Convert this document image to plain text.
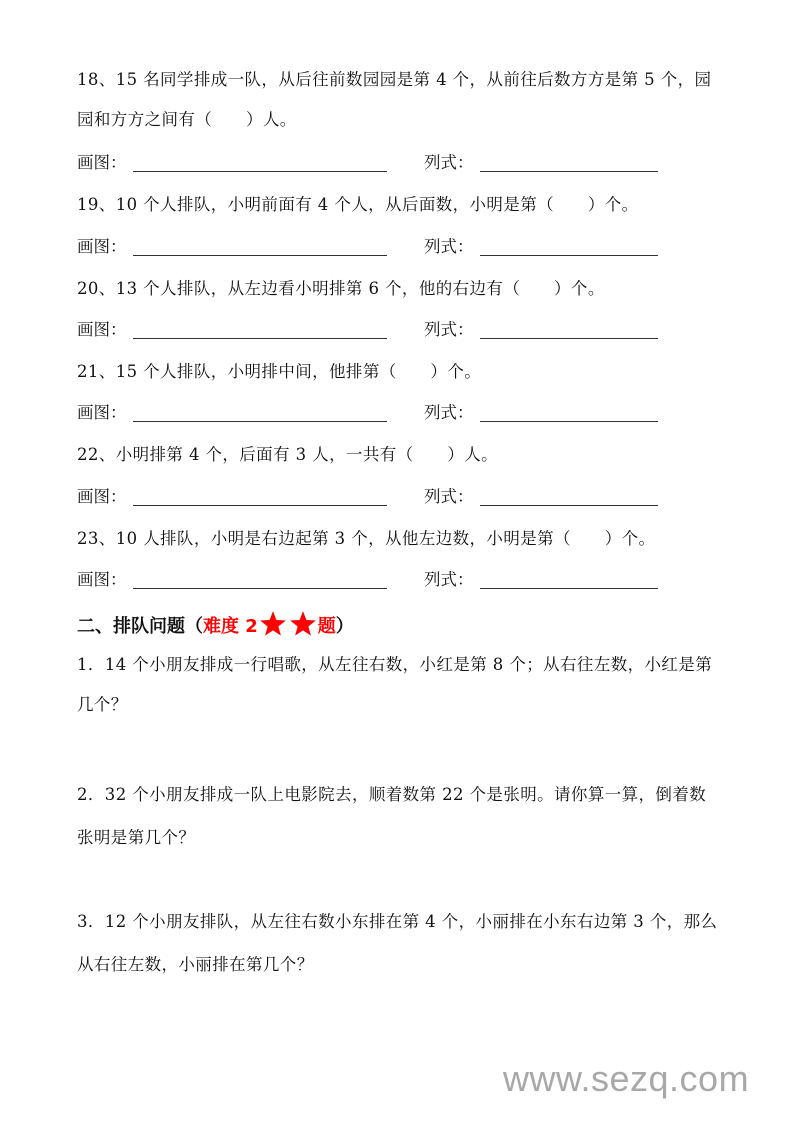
18、15 名同学排成一队，从后往前数园园是第 4 个，从前往后数方方是第 5 个，园
园和方方之间有（　　）人。
画图：	列式：
19、10 个人排队，小明前面有 4 个人，从后面数，小明是第（　　）个。
画图：	列式：
20、13 个人排队，从左边看小明排第 6 个，他的右边有（　　）个。
画图：	列式：
21、15 个人排队，小明排中间，他排第（　　）个。
画图：	列式：
22、小明排第 4 个，后面有 3 人，一共有（　　）人。
画图：	列式：
23、10 人排队，小明是右边起第 3 个，从他左边数，小明是第（　　）个。
画图：	列式：
二、排队问题（难度 2	题）
1．14 个小朋友排成一行唱歌，从左往右数，小红是第 8 个；从右往左数，小红是第
几个？
2．32 个小朋友排成一队上电影院去，顺着数第 22 个是张明。请你算一算，倒着数
张明是第几个？
3．12 个小朋友排队，从左往右数小东排在第 4 个，小丽排在小东右边第 3 个，那么
从右往左数，小丽排在第几个？
www.sezq.com
